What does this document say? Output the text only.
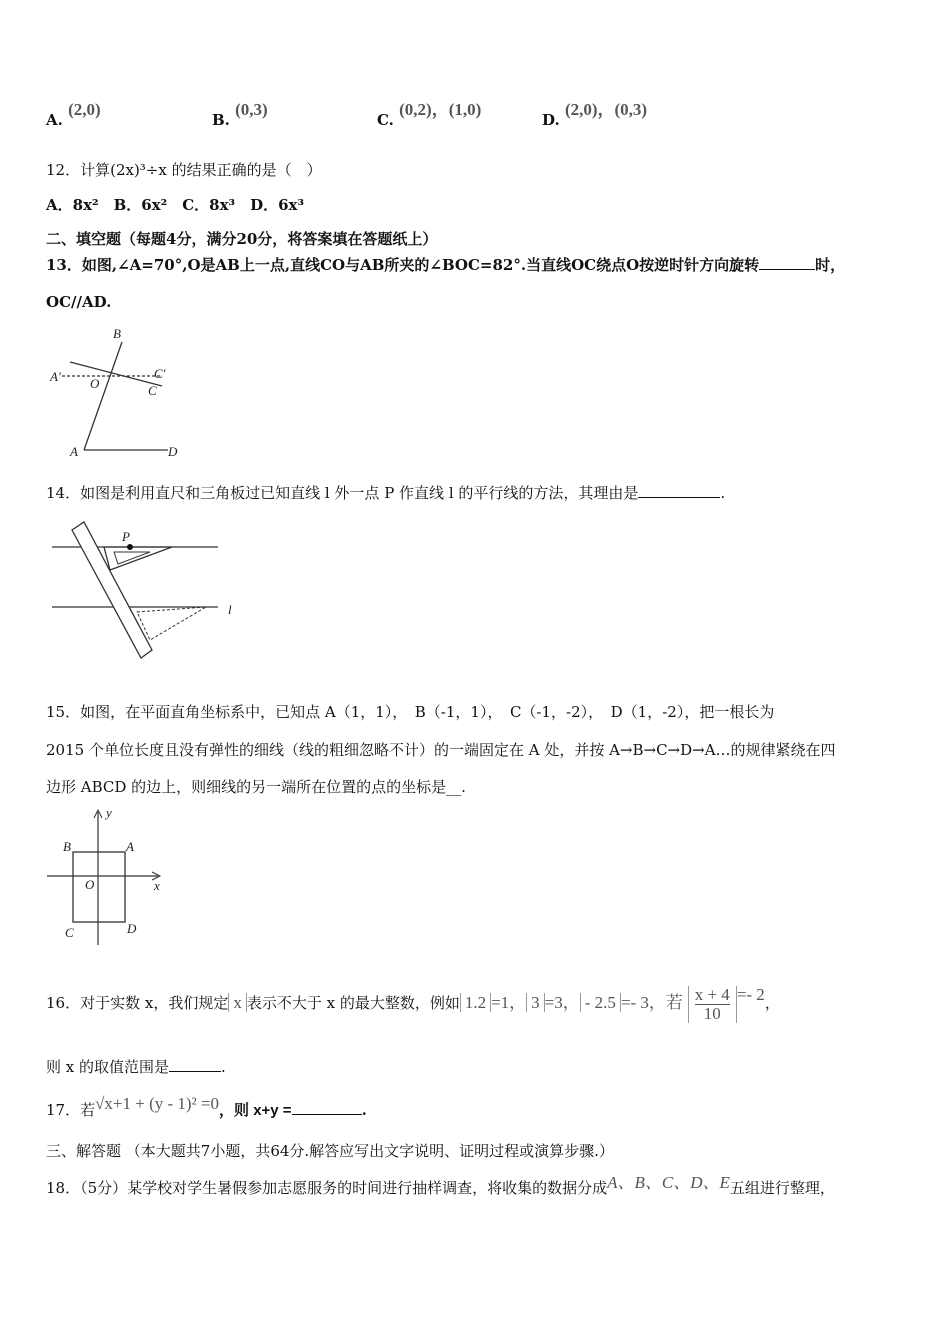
A. (2,0)
B. (0,3)
C. (0,2)，(1,0)
D. (2,0)，(0,3)
12．计算(2x)³÷x 的结果正确的是（　）
A．8x²　B．6x²　C．8x³　D．6x³
二、填空题（每题4分，满分20分，将答案填在答题纸上）
13．如图,∠A=70°,O是AB上一点,直线CO与AB所夹的∠BOC=82°.当直线OC绕点O按逆时针方向旋转	时，
OC//AD.
B
A' O
C'
C
A	D
P
l
y
x
O
A
B
C	D
14．如图是利用直尺和三角板过已知直线 l 外一点 P 作直线 l 的平行线的方法，其理由是	.
15．如图，在平面直角坐标系中，已知点 A（1，1），　B（-1，1），　C（-1，-2），　D（1，-2），把一根长为
2015 个单位长度且没有弹性的细线（线的粗细忽略不计）的一端固定在 A 处，并按 A→B→C→D→A…的规律紧绕在四
边形 ABCD 的边上，则细线的另一端所在位置的点的坐标是__.
16．对于实数 x，我们规定 x 表示不大于 x 的最大整数，例如 1.2 =1， 3 =3， - 2.5 =- 3，若 $\frac{x + 4}{10} =- 2$，
则 x 的取值范围是	.
17．若√x+1 + (y - 1)² =0，则 x+y =	.
三、解答题 （本大题共7小题，共64分.解答应写出文字说明、证明过程或演算步骤.）
18．（5分）某学校对学生暑假参加志愿服务的时间进行抽样调查，将收集的数据分成A、B、C、D、E五组进行整理，
